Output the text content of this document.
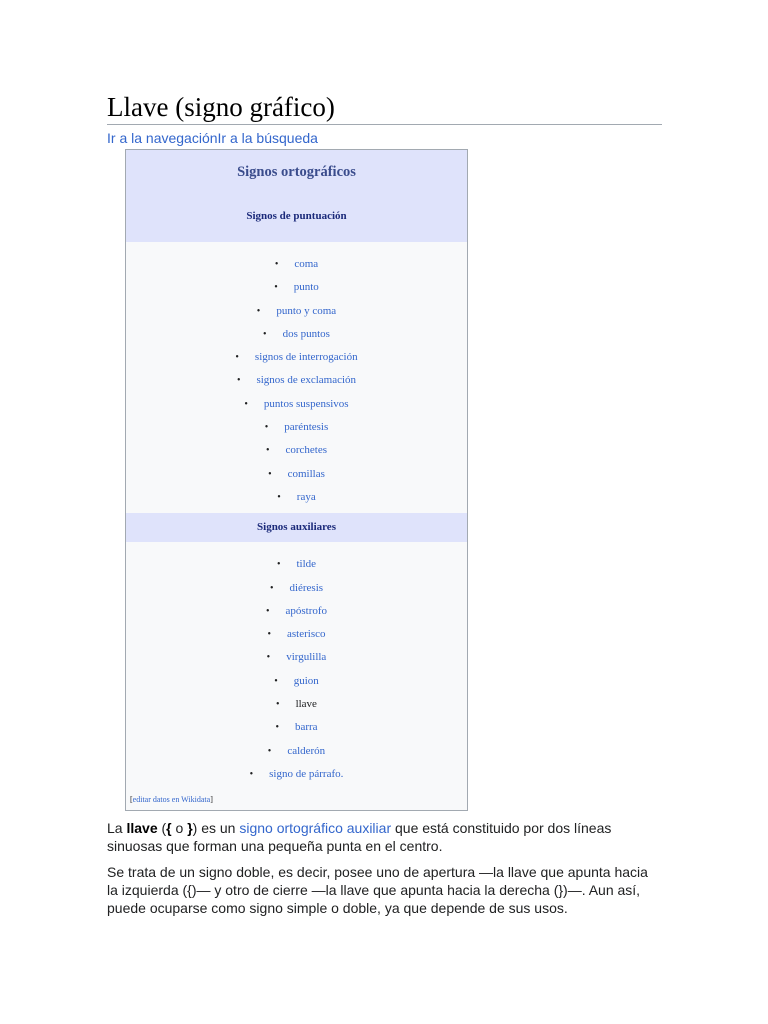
Llave (signo gráfico)
Ir a la navegaciónIr a la búsqueda
Signos ortográficos
Signos de puntuación
• coma
• punto
• punto y coma
• dos puntos
• signos de interrogación
• signos de exclamación
• puntos suspensivos
• paréntesis
• corchetes
• comillas
• raya
Signos auxiliares
• tilde
• diéresis
• apóstrofo
• asterisco
• virgulilla
• guion
• llave
• barra
• calderón
• signo de párrafo.
[editar datos en Wikidata]

La llave ({ o }) es un signo ortográfico auxiliar que está constituido por dos líneas sinuosas que forman una pequeña punta en el centro.

Se trata de un signo doble, es decir, posee uno de apertura —la llave que apunta hacia la izquierda ({)— y otro de cierre —la llave que apunta hacia la derecha (})—. Aun así, puede ocuparse como signo simple o doble, ya que depende de sus usos.
